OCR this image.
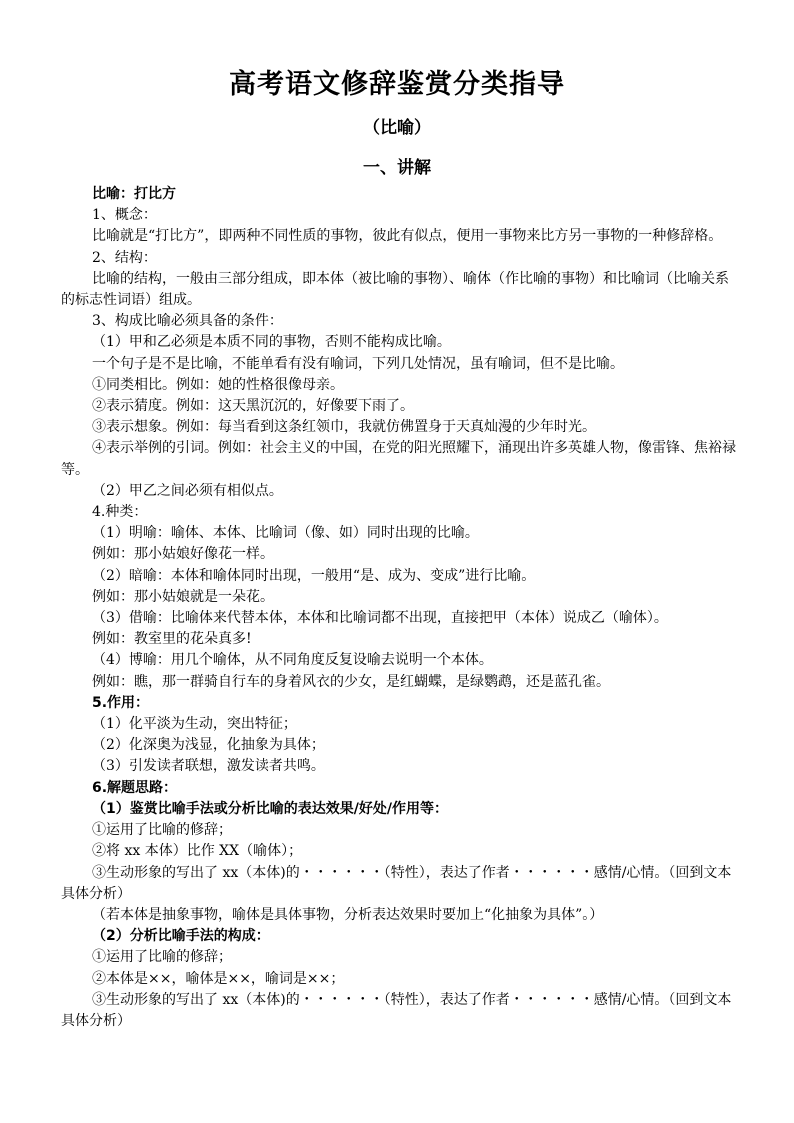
高考语文修辞鉴赏分类指导
（比喻）
一、讲解

比喻：打比方

1、概念：

比喻就是“打比方”，即两种不同性质的事物，彼此有似点，便用一事物来比方另一事物的一种修辞格。

2、结构：

比喻的结构，一般由三部分组成，即本体（被比喻的事物）、喻体（作比喻的事物）和比喻词（比喻关系的标志性词语）组成。

3、构成比喻必须具备的条件：

（1）甲和乙必须是本质不同的事物，否则不能构成比喻。

一个句子是不是比喻，不能单看有没有喻词，下列几处情况，虽有喻词，但不是比喻。

①同类相比。例如：她的性格很像母亲。

②表示猜度。例如：这天黑沉沉的，好像要下雨了。

③表示想象。例如：每当看到这条红领巾，我就仿佛置身于天真灿漫的少年时光。

④表示举例的引词。例如：社会主义的中国，在党的阳光照耀下，涌现出许多英雄人物，像雷锋、焦裕禄等。

（2）甲乙之间必须有相似点。

4.种类：

（1）明喻：喻体、本体、比喻词（像、如）同时出现的比喻。

例如：那小姑娘好像花一样。

（2）暗喻：本体和喻体同时出现，一般用“是、成为、变成”进行比喻。

例如：那小姑娘就是一朵花。

（3）借喻：比喻体来代替本体，本体和比喻词都不出现，直接把甲（本体）说成乙（喻体）。

例如：教室里的花朵真多!

（4）博喻：用几个喻体，从不同角度反复设喻去说明一个本体。

例如：瞧，那一群骑自行车的身着风衣的少女，是红蝴蝶，是绿鹦鹉，还是蓝孔雀。

5.作用：

（1）化平淡为生动，突出特征；

（2）化深奥为浅显，化抽象为具体；

（3）引发读者联想，激发读者共鸣。

6.解题思路：

（1）鉴赏比喻手法或分析比喻的表达效果/好处/作用等：

①运用了比喻的修辞；

②将 xx 本体）比作 XX（喻体）；

③生动形象的写出了 xx（本体)的・・・・・・（特性），表达了作者・・・・・・感情/心情。（回到文本具体分析）

（若本体是抽象事物，喻体是具体事物，分析表达效果时要加上“化抽象为具体”。）

（2）分析比喻手法的构成：

①运用了比喻的修辞；

②本体是××，喻体是××，喻词是××；

③生动形象的写出了 xx（本体)的・・・・・・（特性），表达了作者・・・・・・感情/心情。（回到文本具体分析）
